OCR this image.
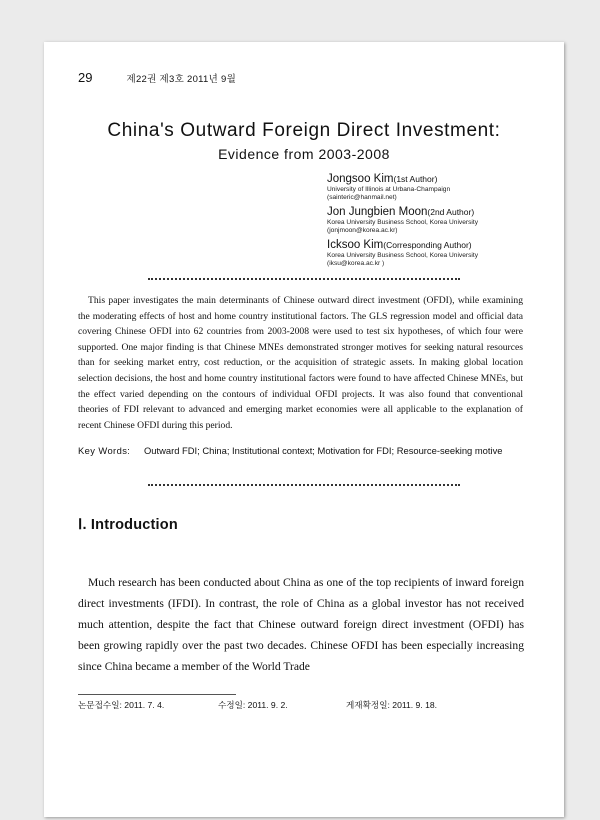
29	제22권 제3호 2011년 9월
China's Outward Foreign Direct Investment:
Evidence from 2003-2008
Jongsoo Kim(1st Author)
University of Illinois at Urbana-Champaign
(sainteric@hanmail.net)
Jon Jungbien Moon(2nd Author)
Korea University Business School, Korea University
(jonjmoon@korea.ac.kr)
Icksoo Kim(Corresponding Author)
Korea University Business School, Korea University
(iksu@korea.ac.kr )

This paper investigates the main determinants of Chinese outward direct investment (OFDI), while examining the moderating effects of host and home country institutional factors. The GLS regression model and official data covering Chinese OFDI into 62 countries from 2003-2008 were used to test six hypotheses, of which four were supported. One major finding is that Chinese MNEs demonstrated stronger motives for seeking natural resources than for seeking market entry, cost reduction, or the acquisition of strategic assets. In making global location selection decisions, the host and home country institutional factors were found to have affected Chinese MNEs, but the effect varied depending on the contours of individual OFDI projects. It was also found that conventional theories of FDI relevant to advanced and emerging market economies were all applicable to the explanation of recent Chinese OFDI during this period.

Key Words:	Outward FDI; China; Institutional context; Motivation for FDI; Resource-seeking motive
Ⅰ. Introduction

Much research has been conducted about China as one of the top recipients of inward foreign direct investments (IFDI). In contrast, the role of China as a global investor has not received much attention, despite the fact that Chinese outward foreign direct investment (OFDI) has been growing rapidly over the past two decades. Chinese OFDI has been especially increasing since China became a member of the World Trade

논문접수일: 2011. 7. 4.	수정일: 2011. 9. 2.	게재확정일: 2011. 9. 18.
